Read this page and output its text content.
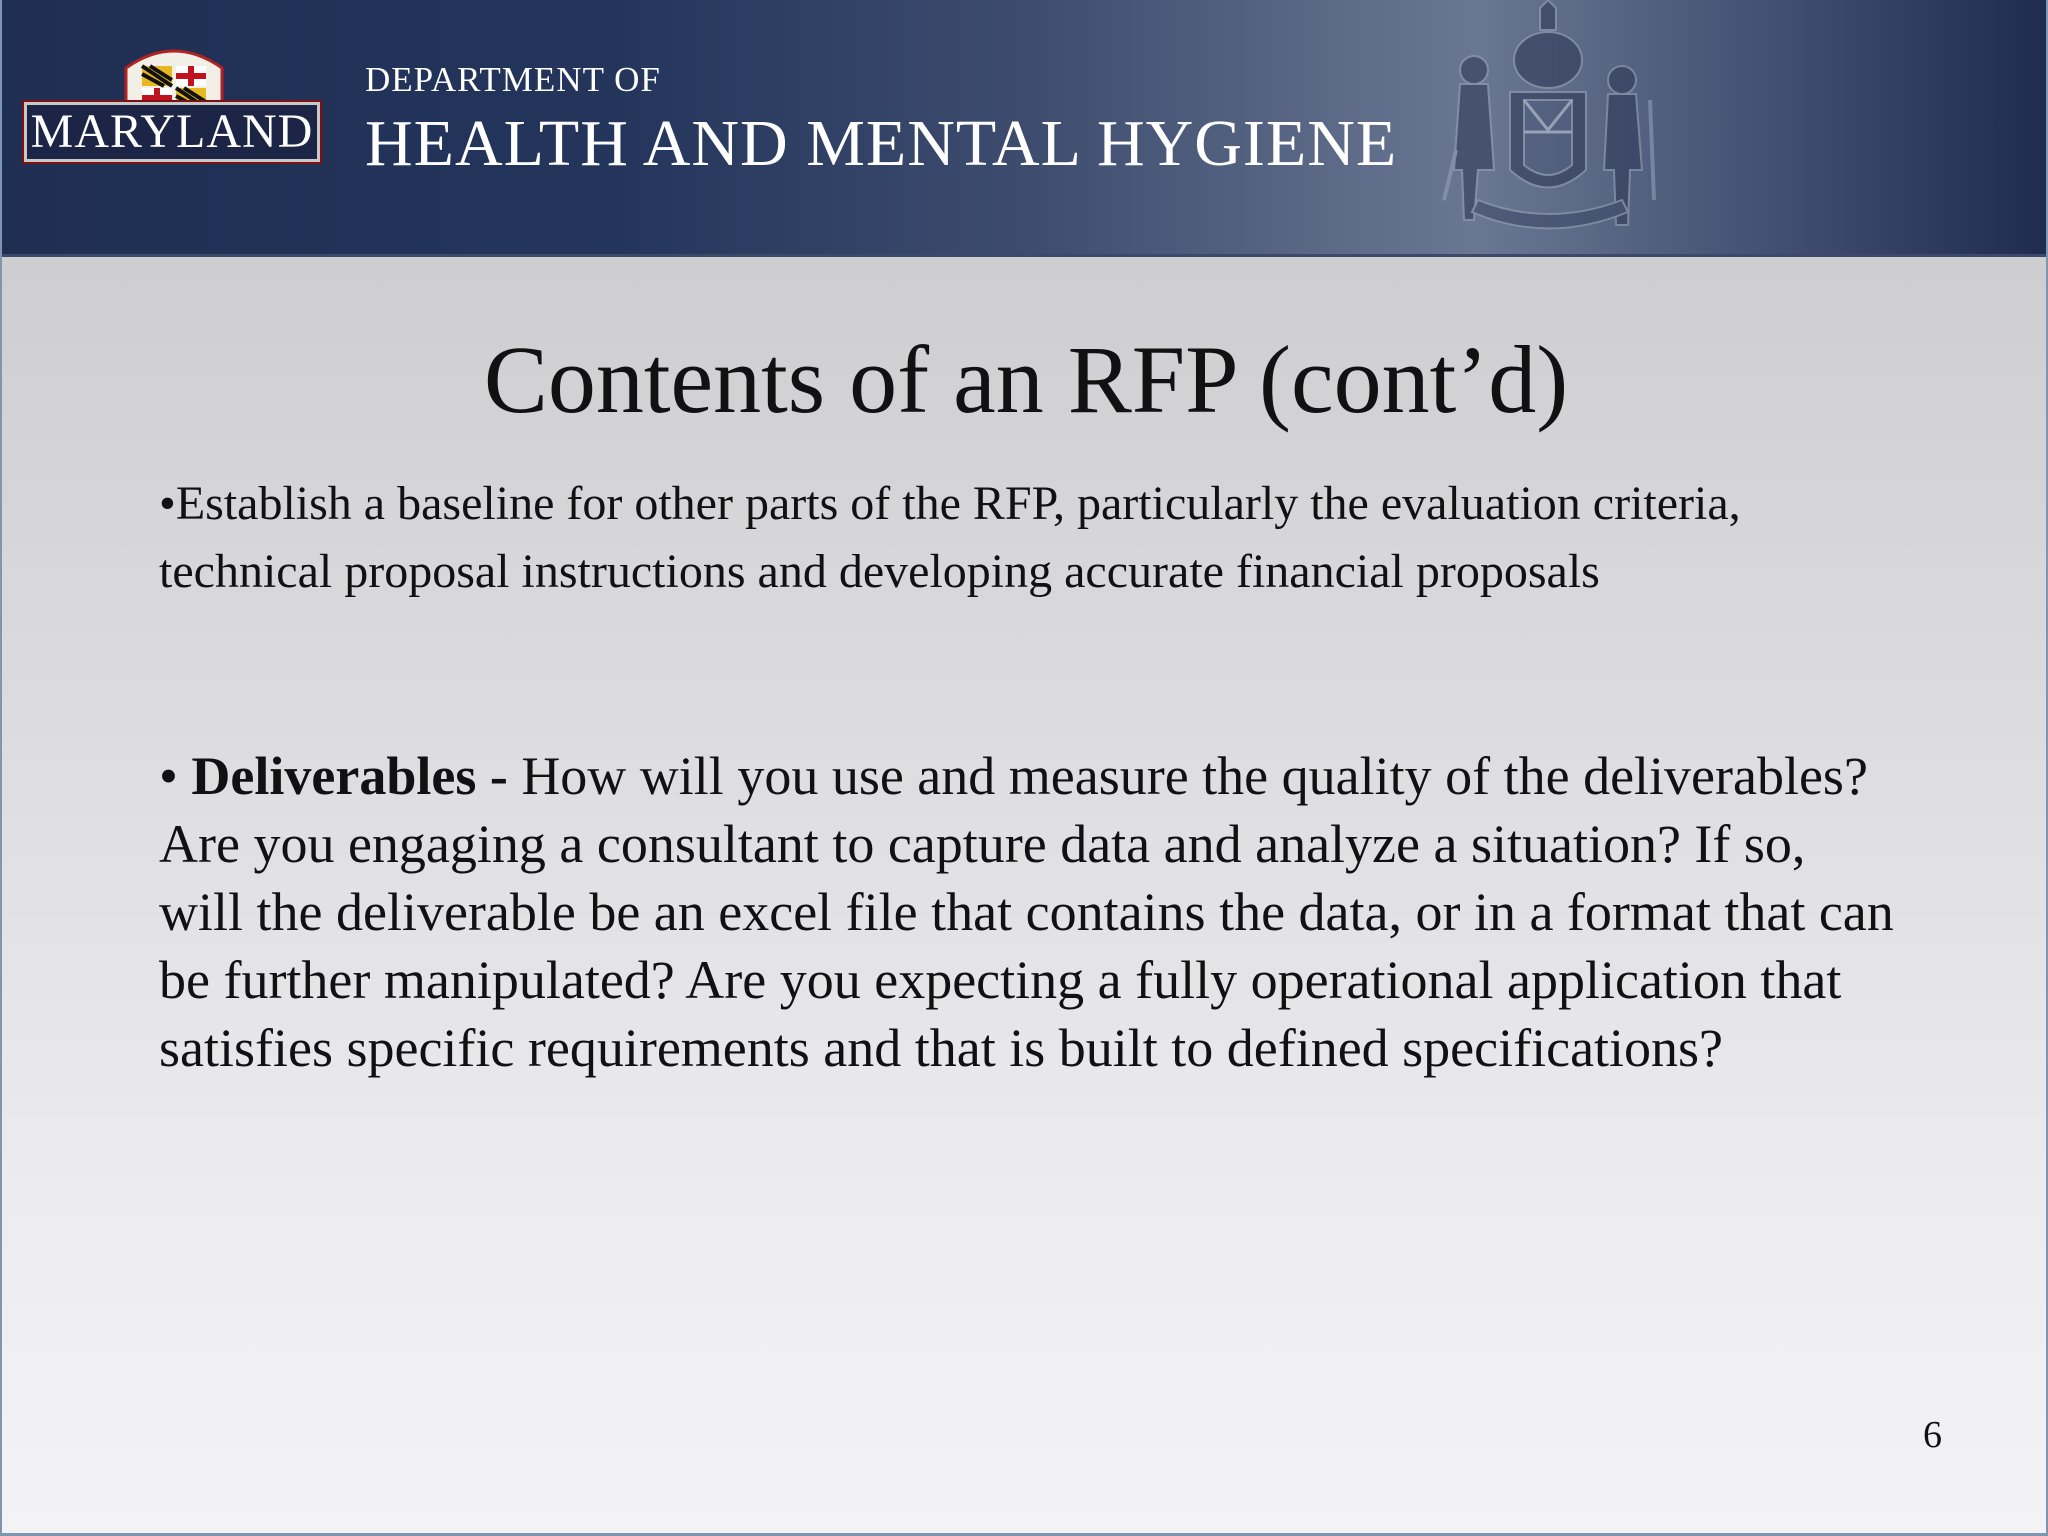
MARYLAND
DEPARTMENT OF
HEALTH AND MENTAL HYGIENE
Contents of an RFP (cont’d)
•Establish a baseline for other parts of the RFP, particularly the evaluation criteria, technical proposal instructions and developing accurate financial proposals
• Deliverables - How will you use and measure the quality of the deliverables? Are you engaging a consultant to capture data and analyze a situation? If so, will the deliverable be an excel file that contains the data, or in a format that can be further manipulated? Are you expecting a fully operational application that satisfies specific requirements and that is built to defined specifications?
6
